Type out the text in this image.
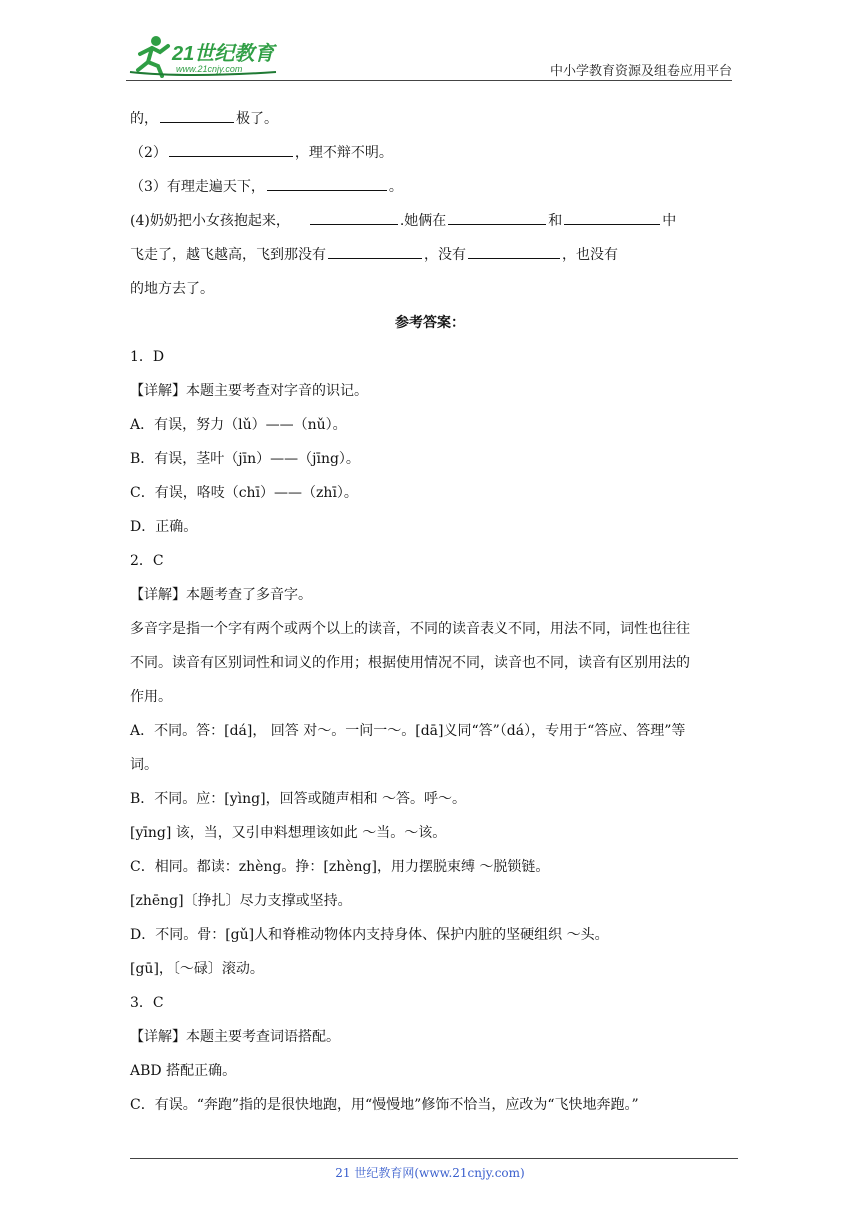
21世纪教育
www.21cnjy.com	中小学教育资源及组卷应用平台
的，	极了。
（2）	，理不辩不明。
（3）有理走遍天下，	。
(4)奶奶把小女孩抱起来，	.她俩在	和	中
飞走了，越飞越高，飞到那没有	，没有	，也没有
的地方去了。
参考答案：
1．D
【详解】本题主要考查对字音的识记。
A．有误，努力（lǔ）——（nǔ）。
B．有误，茎叶（jīn）——（jīng）。
C．有误，咯吱（chī）——（zhī）。
D．正确。
2．C
【详解】本题考查了多音字。
多音字是指一个字有两个或两个以上的读音，不同的读音表义不同，用法不同，词性也往往
不同。读音有区别词性和词义的作用；根据使用情况不同，读音也不同，读音有区别用法的
作用。
A．不同。答：[dá]， 回答 对～。一问一～。[dā]义同“答”（dá），专用于“答应、答理”等
词。
B．不同。应：[yìng]，回答或随声相和 ～答。呼～。
[yīng] 该，当，又引申料想理该如此 ～当。～该。
C．相同。都读：zhèng。挣：[zhèng]，用力摆脱束缚 ～脱锁链。
[zhēng]〔挣扎〕尽力支撑或坚持。
D．不同。骨：[gǔ]人和脊椎动物体内支持身体、保护内脏的坚硬组织 ～头。
[gū]，〔～碌〕滚动。
3．C
【详解】本题主要考查词语搭配。
ABD 搭配正确。
C．有误。“奔跑”指的是很快地跑，用“慢慢地”修饰不恰当，应改为“飞快地奔跑。”
21 世纪教育网(www.21cnjy.com)
